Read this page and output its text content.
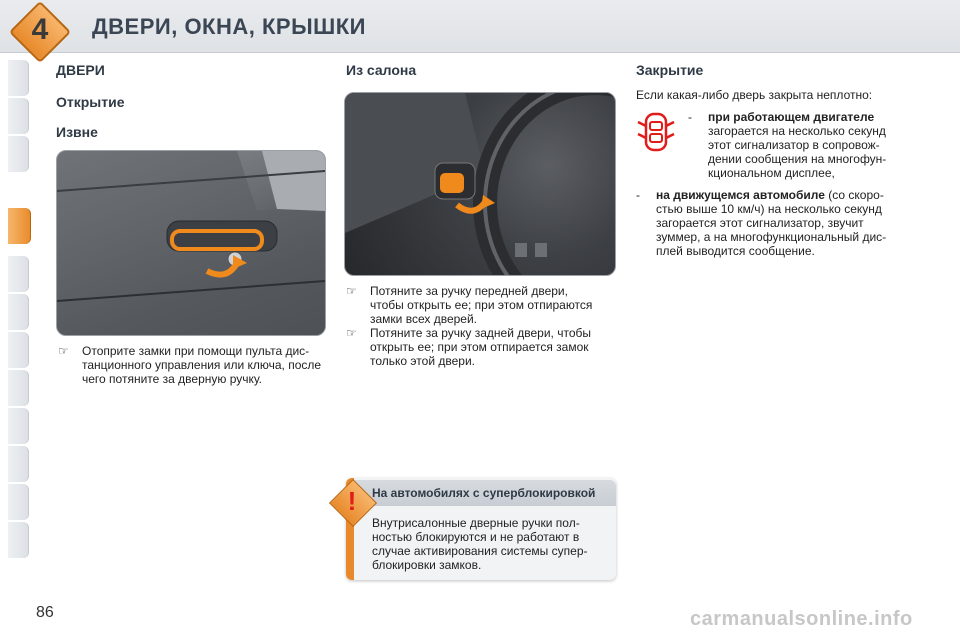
4	ДВЕРИ, ОКНА, КРЫШКИ
ДВЕРИ
Открытие
Извне
☞ Отоприте замки при помощи пульта дис-
танционного управления или ключа, после
чего потяните за дверную ручку.
Из салона
☞ Потяните за ручку передней двери,
чтобы открыть ее; при этом отпираются
замки всех дверей.
☞ Потяните за ручку задней двери, чтобы
открыть ее; при этом отпирается замок
только этой двери.
!	На автомобилях с суперблокировкой
Внутрисалонные дверные ручки пол-
ностью блокируются и не работают в
случае активирования системы супер-
блокировки замков.
Закрытие
Если какая-либо дверь закрыта неплотно:
- при работающем двигателе
загорается на несколько секунд
этот сигнализатор в сопровож-
дении сообщения на многофун-
кциональном дисплее,
- на движущемся автомобиле (со скоро-
стью выше 10 км/ч) на несколько секунд
загорается этот сигнализатор, звучит
зуммер, а на многофункциональный дис-
плей выводится сообщение.
86	carmanualsonline.info
